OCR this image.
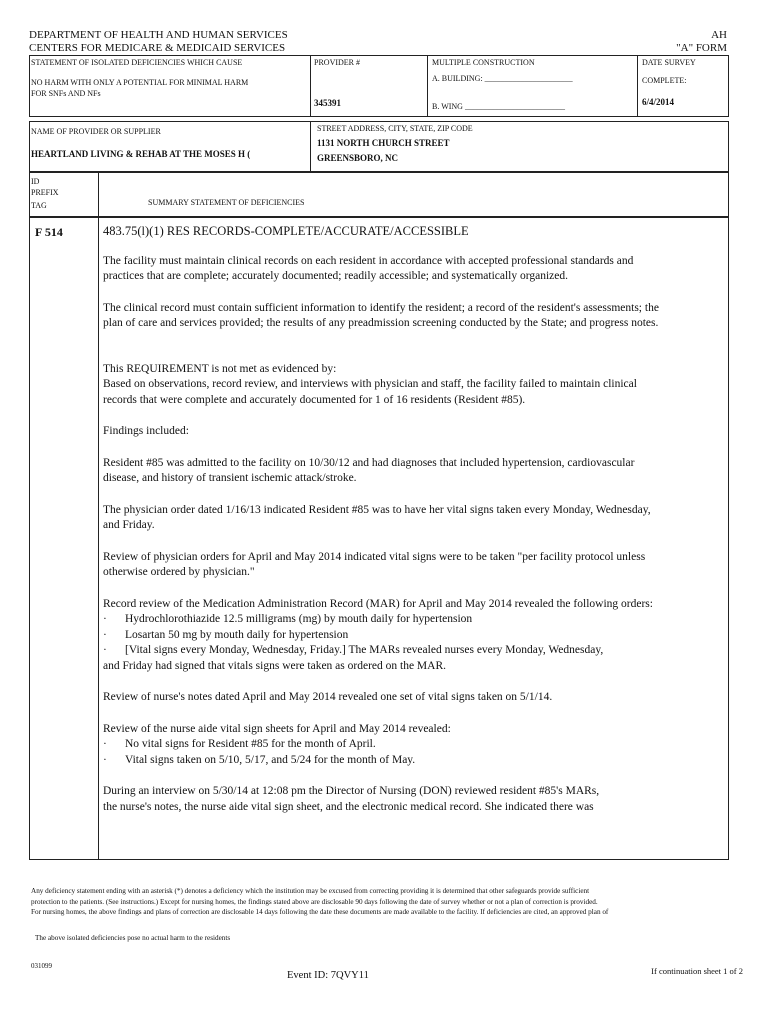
DEPARTMENT OF HEALTH AND HUMAN SERVICES
CENTERS FOR MEDICARE & MEDICAID SERVICES
AH
"A" FORM
STATEMENT OF ISOLATED DEFICIENCIES WHICH CAUSE
NO HARM WITH ONLY A POTENTIAL FOR MINIMAL HARM
FOR SNFs AND NFs
PROVIDER #
345391
MULTIPLE CONSTRUCTION
A. BUILDING: ______________________
B. WING _________________________
DATE SURVEY
COMPLETE:
6/4/2014
NAME OF PROVIDER OR SUPPLIER
HEARTLAND LIVING & REHAB AT THE MOSES H (
STREET ADDRESS, CITY, STATE, ZIP CODE
1131 NORTH CHURCH STREET
GREENSBORO, NC
ID
PREFIX
TAG	SUMMARY STATEMENT OF DEFICIENCIES
F 514	483.75(l)(1) RES RECORDS-COMPLETE/ACCURATE/ACCESSIBLE

The facility must maintain clinical records on each resident in accordance with accepted professional standards and practices that are complete; accurately documented; readily accessible; and systematically organized.

The clinical record must contain sufficient information to identify the resident; a record of the resident's assessments; the plan of care and services provided; the results of any preadmission screening conducted by the State; and progress notes.

This REQUIREMENT is not met as evidenced by:

Based on observations, record review, and interviews with physician and staff, the facility failed to maintain clinical records that were complete and accurately documented for 1 of 16 residents (Resident #85).

Findings included:

Resident #85 was admitted to the facility on 10/30/12 and had diagnoses that included hypertension, cardiovascular disease, and history of transient ischemic attack/stroke.

The physician order dated 1/16/13 indicated Resident #85 was to have her vital signs taken every Monday, Wednesday, and Friday.

Review of physician orders for April and May 2014 indicated vital signs were to be taken "per facility protocol unless otherwise ordered by physician."

Record review of the Medication Administration Record (MAR) for April and May 2014 revealed the following orders:
·	Hydrochlorothiazide 12.5 milligrams (mg) by mouth daily for hypertension
·	Losartan 50 mg by mouth daily for hypertension
·	[Vital signs every Monday, Wednesday, Friday.] The MARs revealed nurses every Monday, Wednesday,

and Friday had signed that vitals signs were taken as ordered on the MAR.

Review of nurse's notes dated April and May 2014 revealed one set of vital signs taken on 5/1/14.

Review of the nurse aide vital sign sheets for April and May 2014 revealed:
·	No vital signs for Resident #85 for the month of April.
·	Vital signs taken on 5/10, 5/17, and 5/24 for the month of May.
During an interview on 5/30/14 at 12:08 pm the Director of Nursing (DON) reviewed resident #85's MARs,
the nurse's notes, the nurse aide vital sign sheet, and the electronic medical record. She indicated there was
Any deficiency statement ending with an asterisk (*) denotes a deficiency which the institution may be excused from correcting providing it is determined that other safeguards provide sufficient
protection to the patients. (See instructions.) Except for nursing homes, the findings stated above are disclosable 90 days following the date of survey whether or not a plan of correction is provided.
For nursing homes, the above findings and plans of correction are disclosable 14 days following the date these documents are made available to the facility. If deficiencies are cited, an approved plan of
The above isolated deficiencies pose no actual harm to the residents
031099
Event ID: 7QVY11	If continuation sheet 1 of 2
